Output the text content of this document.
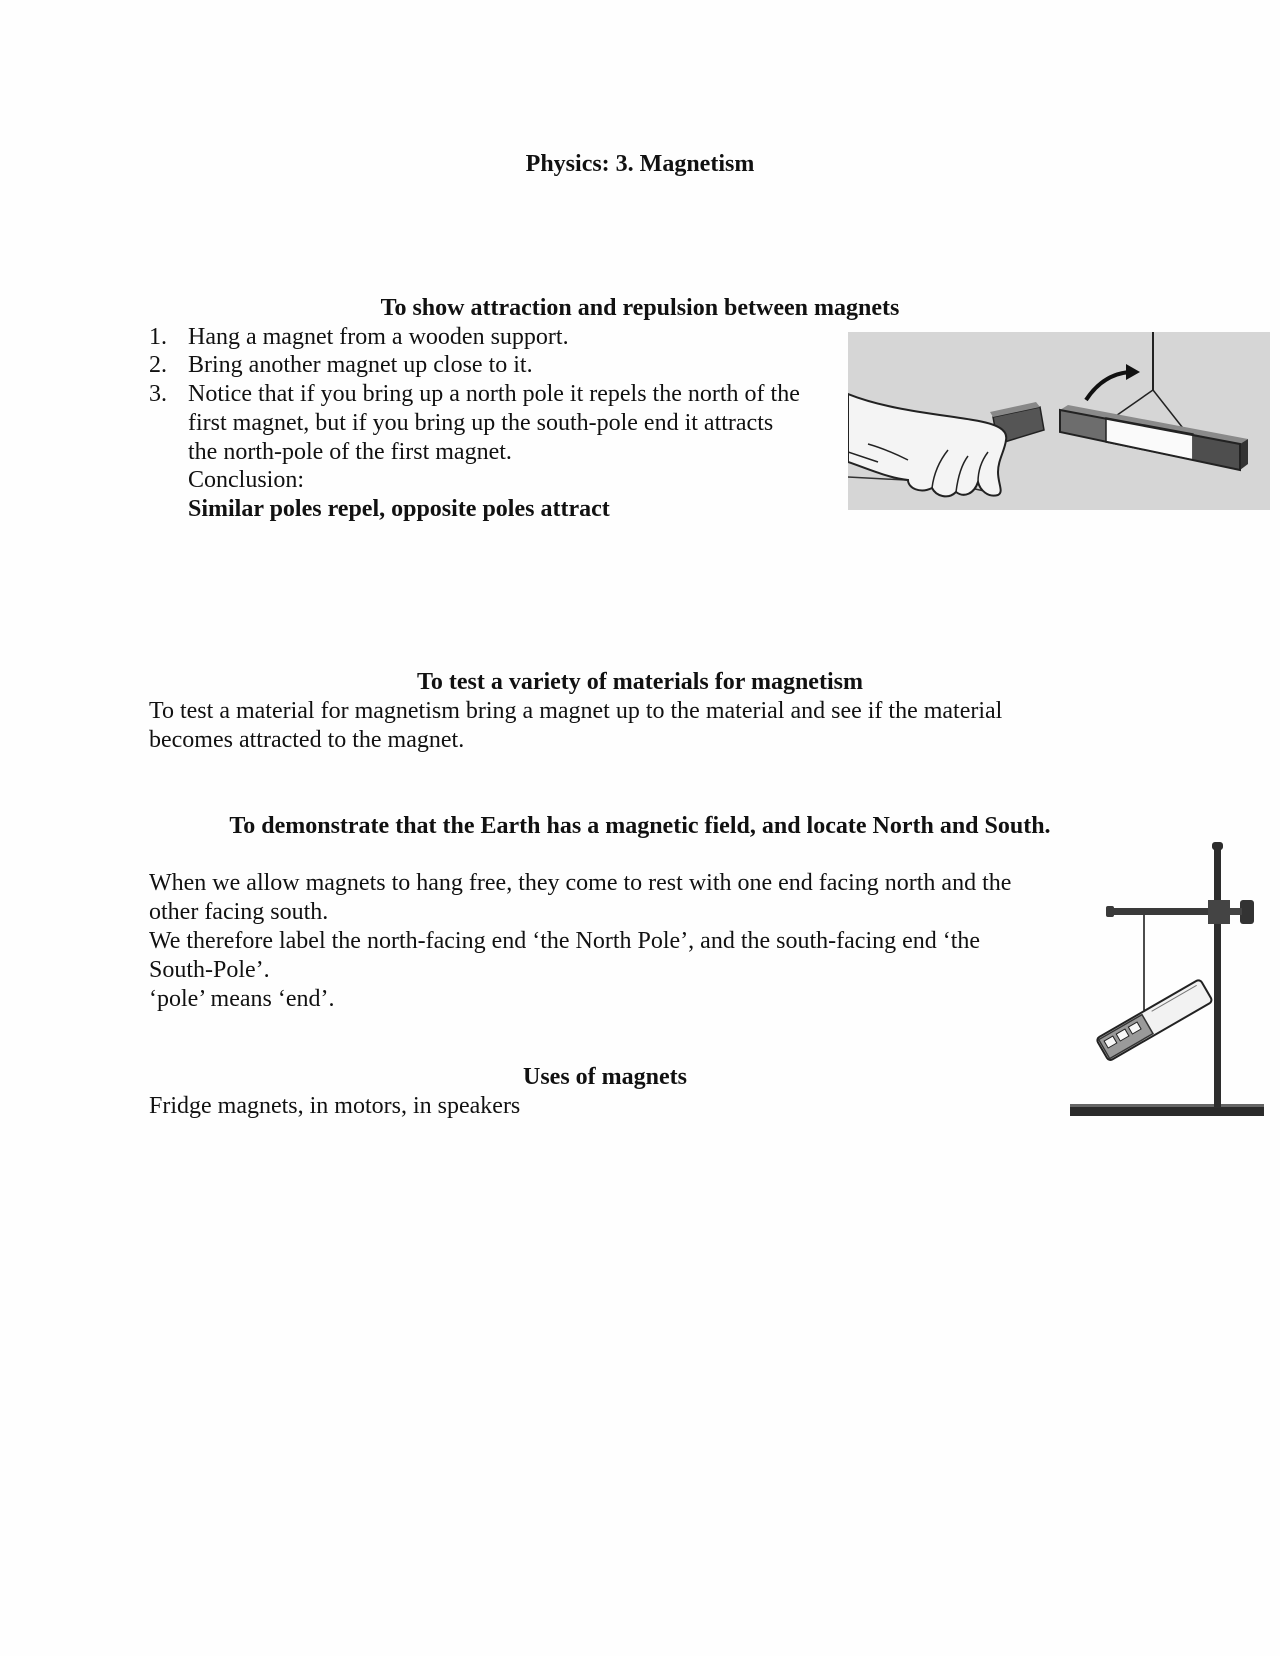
Physics: 3. Magnetism
To show attraction and repulsion between magnets
1. Hang a magnet from a wooden support.
2. Bring another magnet up close to it.
3. Notice that if you bring up a north pole it repels the north of the
first magnet, but if you bring up the south-pole end it attracts
the north-pole of the first magnet.
Conclusion:
Similar poles repel, opposite poles attract
To test a variety of materials for magnetism
To test a material for magnetism bring a magnet up to the material and see if the material
becomes attracted to the magnet.
To demonstrate that the Earth has a magnetic field, and locate North and South.
When we allow magnets to hang free, they come to rest with one end facing north and the
other facing south.
We therefore label the north-facing end ‘the North Pole’, and the south-facing end ‘the
South-Pole’.
‘pole’ means ‘end’.
Uses of magnets
Fridge magnets, in motors, in speakers
